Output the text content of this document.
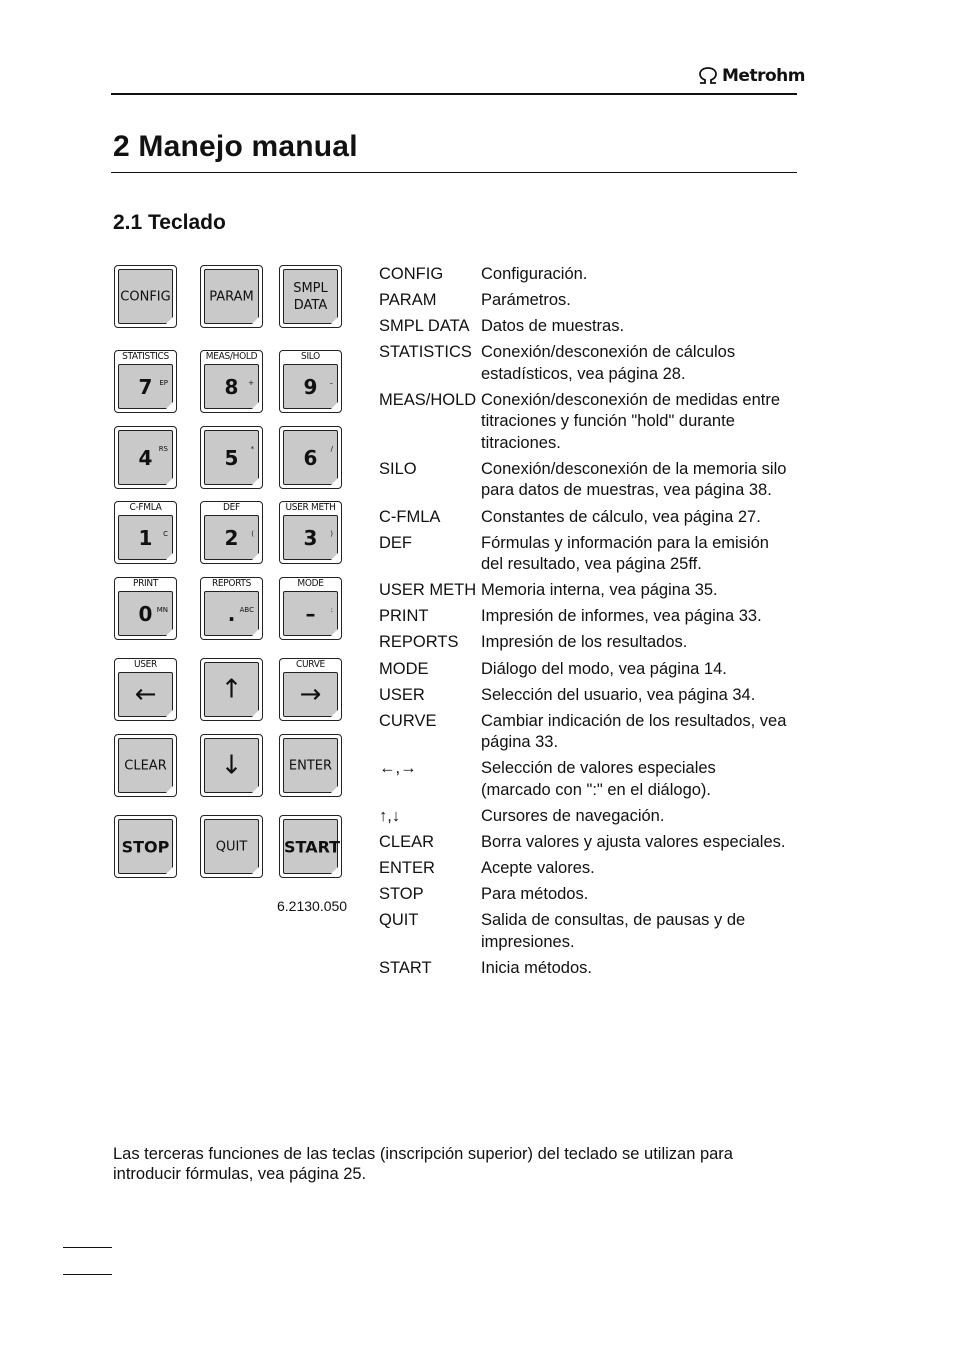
Metrohm
2 Manejo manual
2.1 Teclado
CONFIG	PARAM
SMPL
DATA
EP
7
STATISTICS
+
8
MEAS/HOLD
–
9
SILO
RS
4	*
5	/
6
C
1
C-FMLA
(
2
DEF
)
3
USER METH
MN
0
PRINT
ABC
.
REPORTS
:
–
MODE
←
USER
↑	→
CURVE
CLEAR	↓	ENTER
STOP	QUIT	START
6.2130.050
CONFIG	Configuración.
PARAM	Parámetros.
SMPL DATA Datos de muestras.
STATISTICS Conexión/desconexión de cálculos estadísticos, vea página 28.
MEAS/HOLD Conexión/desconexión de medidas entre titraciones y función "hold" durante titraciones.
SILO	Conexión/desconexión de la memoria silo para datos de muestras, vea página 38.
C-FMLA	Constantes de cálculo, vea página 27.
DEF	Fórmulas y información para la emisión del resultado, vea página 25ff.
USER METH Memoria interna, vea página 35.
PRINT	Impresión de informes, vea página 33.
REPORTS	Impresión de los resultados.
MODE	Diálogo del modo, vea página 14.
USER	Selección del usuario, vea página 34.
CURVE	Cambiar indicación de los resultados, vea página 33.
←,→	Selección de valores especiales (marcado con ":" en el diálogo).
↑,↓	Cursores de navegación.
CLEAR	Borra valores y ajusta valores especiales.
ENTER	Acepte valores.
STOP	Para métodos.
QUIT	Salida de consultas, de pausas y de impresiones.
START	Inicia métodos.
Las terceras funciones de las teclas (inscripción superior) del teclado se utilizan para introducir fórmulas, vea página 25.
